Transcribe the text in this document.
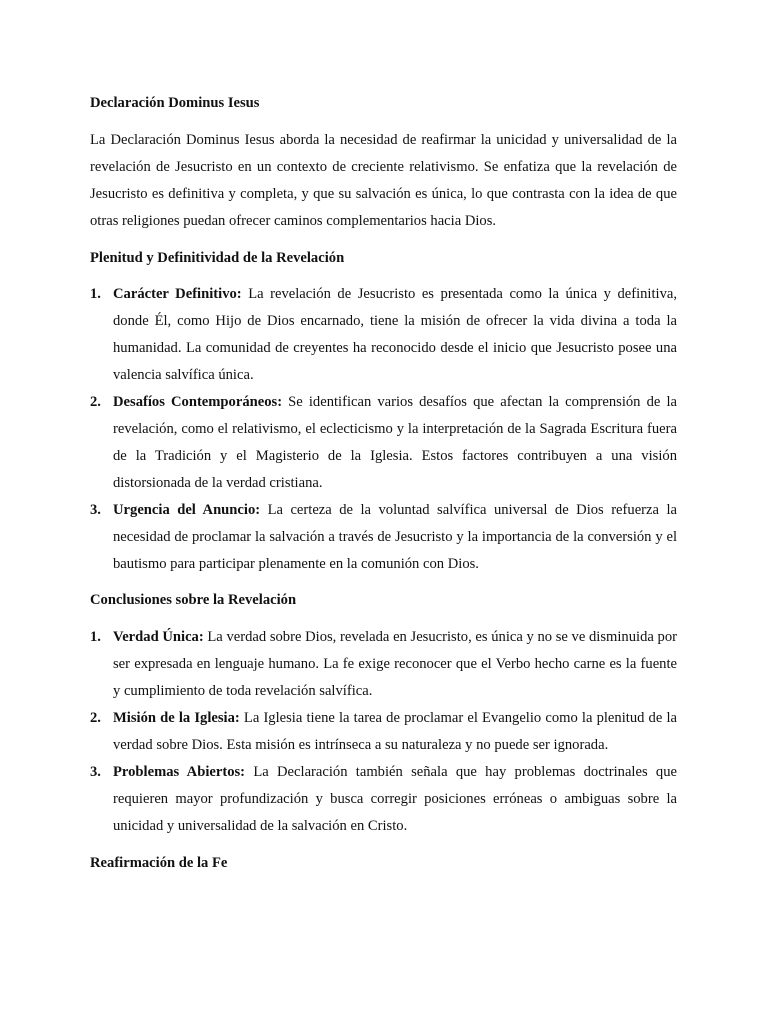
Declaración Dominus Iesus

La Declaración Dominus Iesus aborda la necesidad de reafirmar la unicidad y universalidad de la revelación de Jesucristo en un contexto de creciente relativismo. Se enfatiza que la revelación de Jesucristo es definitiva y completa, y que su salvación es única, lo que contrasta con la idea de que otras religiones puedan ofrecer caminos complementarios hacia Dios.

Plenitud y Definitividad de la Revelación

1. Carácter Definitivo: La revelación de Jesucristo es presentada como la única y definitiva, donde Él, como Hijo de Dios encarnado, tiene la misión de ofrecer la vida divina a toda la humanidad. La comunidad de creyentes ha reconocido desde el inicio que Jesucristo posee una valencia salvífica única.
2. Desafíos Contemporáneos: Se identifican varios desafíos que afectan la comprensión de la revelación, como el relativismo, el eclecticismo y la interpretación de la Sagrada Escritura fuera de la Tradición y el Magisterio de la Iglesia. Estos factores contribuyen a una visión distorsionada de la verdad cristiana.
3. Urgencia del Anuncio: La certeza de la voluntad salvífica universal de Dios refuerza la necesidad de proclamar la salvación a través de Jesucristo y la importancia de la conversión y el bautismo para participar plenamente en la comunión con Dios.

Conclusiones sobre la Revelación

1. Verdad Única: La verdad sobre Dios, revelada en Jesucristo, es única y no se ve disminuida por ser expresada en lenguaje humano. La fe exige reconocer que el Verbo hecho carne es la fuente y cumplimiento de toda revelación salvífica.
2. Misión de la Iglesia: La Iglesia tiene la tarea de proclamar el Evangelio como la plenitud de la verdad sobre Dios. Esta misión es intrínseca a su naturaleza y no puede ser ignorada.
3. Problemas Abiertos: La Declaración también señala que hay problemas doctrinales que requieren mayor profundización y busca corregir posiciones erróneas o ambiguas sobre la unicidad y universalidad de la salvación en Cristo.

Reafirmación de la Fe
